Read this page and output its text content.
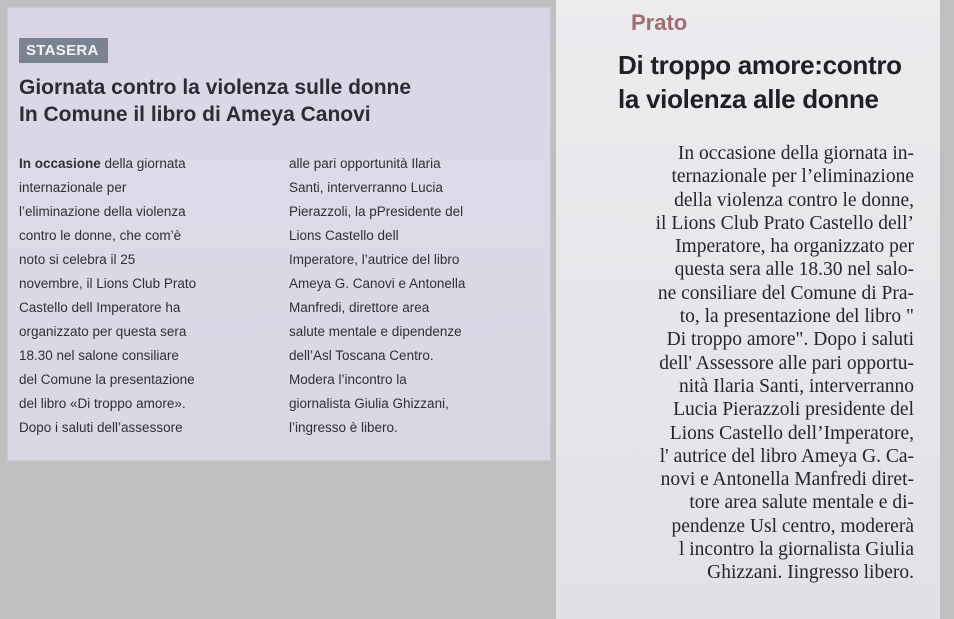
STASERA
Giornata contro la violenza sulle donne
In Comune il libro di Ameya Canovi
In occasione della giornata
internazionale per
l’eliminazione della violenza
contro le donne, che com’è
noto si celebra il 25
novembre, il Lions Club Prato
Castello dell Imperatore ha
organizzato per questa sera
18.30 nel salone consiliare
del Comune la presentazione
del libro «Di troppo amore».
Dopo i saluti dell’assessore
alle pari opportunità Ilaria
Santi, interverranno Lucia
Pierazzoli, la pPresidente del
Lions Castello dell
Imperatore, l’autrice del libro
Ameya G. Canovi e Antonella
Manfredi, direttore area
salute mentale e dipendenze
dell’Asl Toscana Centro.
Modera l’incontro la
giornalista Giulia Ghizzani,
l’ingresso è libero.
Prato
Di troppo amore:contro
la violenza alle donne
In occasione della giornata in-
ternazionale per l’eliminazione
della violenza contro le donne,
il Lions Club Prato Castello dell’
Imperatore, ha organizzato per
questa sera alle 18.30 nel salo-
ne consiliare del Comune di Pra-
to, la presentazione del libro "
Di troppo amore". Dopo i saluti
dell' Assessore alle pari opportu-
nità Ilaria Santi, interverranno
Lucia Pierazzoli presidente del
Lions Castello dell’Imperatore,
l' autrice del libro Ameya G. Ca-
novi e Antonella Manfredi diret-
tore area salute mentale e di-
pendenze Usl centro, modererà
l incontro la giornalista Giulia
Ghizzani. Iingresso libero.
